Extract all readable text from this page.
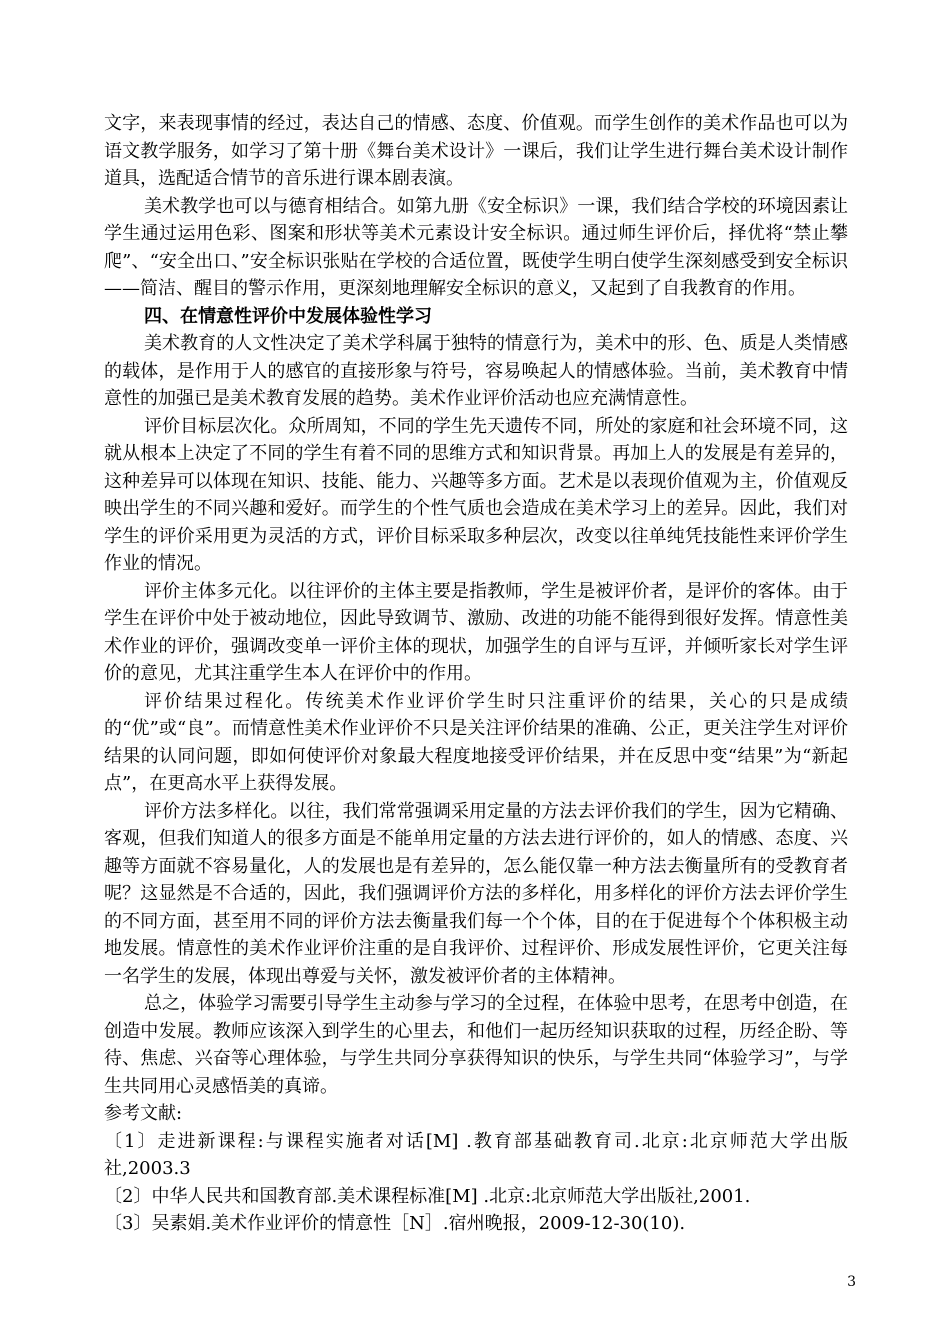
文字，来表现事情的经过，表达自己的情感、态度、价值观。而学生创作的美术作品也可以为语文教学服务，如学习了第十册《舞台美术设计》一课后，我们让学生进行舞台美术设计制作道具，选配适合情节的音乐进行课本剧表演。

美术教学也可以与德育相结合。如第九册《安全标识》一课，我们结合学校的环境因素让学生通过运用色彩、图案和形状等美术元素设计安全标识。通过师生评价后，择优将“禁止攀爬”、“安全出口、”安全标识张贴在学校的合适位置，既使学生明白使学生深刻感受到安全标识——简洁、醒目的警示作用，更深刻地理解安全标识的意义，又起到了自我教育的作用。

四、在情意性评价中发展体验性学习

美术教育的人文性决定了美术学科属于独特的情意行为，美术中的形、色、质是人类情感的载体，是作用于人的感官的直接形象与符号，容易唤起人的情感体验。当前，美术教育中情意性的加强已是美术教育发展的趋势。美术作业评价活动也应充满情意性。

评价目标层次化。众所周知，不同的学生先天遗传不同，所处的家庭和社会环境不同，这就从根本上决定了不同的学生有着不同的思维方式和知识背景。再加上人的发展是有差异的，这种差异可以体现在知识、技能、能力、兴趣等多方面。艺术是以表现价值观为主，价值观反映出学生的不同兴趣和爱好。而学生的个性气质也会造成在美术学习上的差异。因此，我们对学生的评价采用更为灵活的方式，评价目标采取多种层次，改变以往单纯凭技能性来评价学生作业的情况。

评价主体多元化。以往评价的主体主要是指教师，学生是被评价者，是评价的客体。由于学生在评价中处于被动地位，因此导致调节、激励、改进的功能不能得到很好发挥。情意性美术作业的评价，强调改变单一评价主体的现状，加强学生的自评与互评，并倾听家长对学生评价的意见，尤其注重学生本人在评价中的作用。

评价结果过程化。传统美术作业评价学生时只注重评价的结果，关心的只是成绩的“优”或“良”。而情意性美术作业评价不只是关注评价结果的准确、公正，更关注学生对评价结果的认同问题，即如何使评价对象最大程度地接受评价结果，并在反思中变“结果”为“新起点”，在更高水平上获得发展。

评价方法多样化。以往，我们常常强调采用定量的方法去评价我们的学生，因为它精确、客观，但我们知道人的很多方面是不能单用定量的方法去进行评价的，如人的情感、态度、兴趣等方面就不容易量化，人的发展也是有差异的，怎么能仅靠一种方法去衡量所有的受教育者呢？这显然是不合适的，因此，我们强调评价方法的多样化，用多样化的评价方法去评价学生的不同方面，甚至用不同的评价方法去衡量我们每一个个体，目的在于促进每个个体积极主动地发展。情意性的美术作业评价注重的是自我评价、过程评价、形成发展性评价，它更关注每一名学生的发展，体现出尊爱与关怀，激发被评价者的主体精神。

总之，体验学习需要引导学生主动参与学习的全过程，在体验中思考，在思考中创造，在创造中发展。教师应该深入到学生的心里去，和他们一起历经知识获取的过程，历经企盼、等待、焦虑、兴奋等心理体验，与学生共同分享获得知识的快乐，与学生共同“体验学习”，与学生共同用心灵感悟美的真谛。

参考文献:

〔1〕走进新课程:与课程实施者对话[M] .教育部基础教育司.北京:北京师范大学出版社,2003.3

〔2〕中华人民共和国教育部.美术课程标准[M] .北京:北京师范大学出版社,2001.

〔3〕吴素娟.美术作业评价的情意性［N］.宿州晚报，2009-12-30(10).

3
